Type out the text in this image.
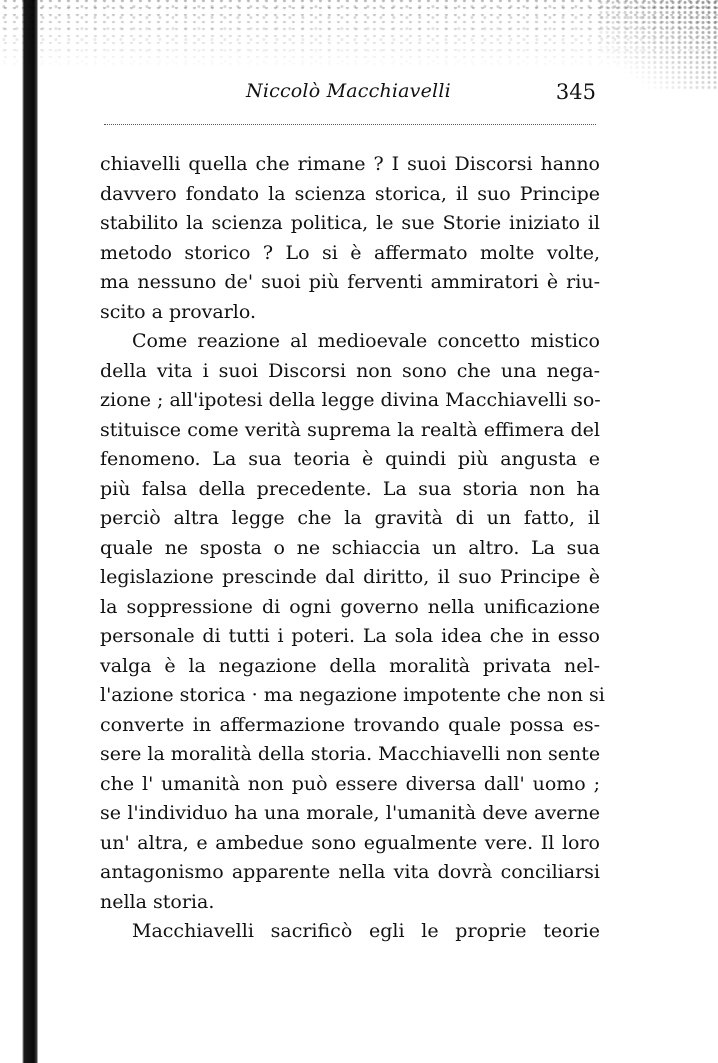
Niccolò Macchiavelli	345
chiavelli quella che rimane ? I suoi Discorsi hanno
davvero fondato la scienza storica, il suo Principe
stabilito la scienza politica, le sue Storie iniziato il
metodo storico ? Lo si è affermato molte volte,
ma nessuno de' suoi più ferventi ammiratori è riu-
scito a provarlo.
Come reazione al medioevale concetto mistico
della vita i suoi Discorsi non sono che una nega-
zione ; all'ipotesi della legge divina Macchiavelli so-
stituisce come verità suprema la realtà effimera del
fenomeno. La sua teoria è quindi più angusta e
più falsa della precedente. La sua storia non ha
perciò altra legge che la gravità di un fatto, il
quale ne sposta o ne schiaccia un altro. La sua
legislazione prescinde dal diritto, il suo Principe è
la soppressione di ogni governo nella unificazione
personale di tutti i poteri. La sola idea che in esso
valga è la negazione della moralità privata nel-
l'azione storica · ma negazione impotente che non si
converte in affermazione trovando quale possa es-
sere la moralità della storia. Macchiavelli non sente
che l' umanità non può essere diversa dall' uomo ;
se l'individuo ha una morale, l'umanità deve averne
un' altra, e ambedue sono egualmente vere. Il loro
antagonismo apparente nella vita dovrà conciliarsi
nella storia.
Macchiavelli sacrificò egli le proprie teorie
